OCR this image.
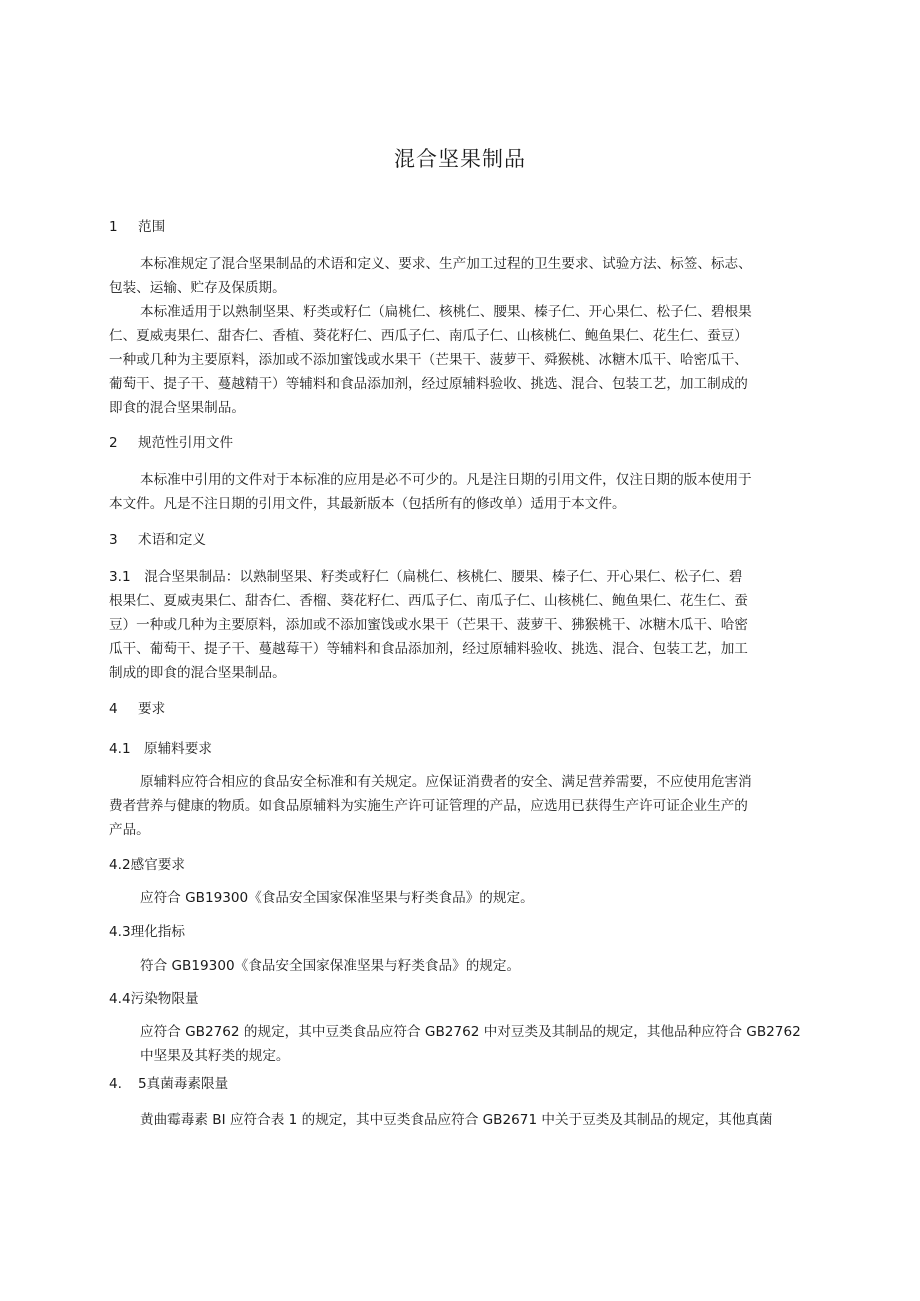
混合坚果制品
1 范围
本标准规定了混合坚果制品的术语和定义、要求、生产加工过程的卫生要求、试验方法、标签、标志、
包装、运输、贮存及保质期。
本标准适用于以熟制坚果、籽类或籽仁（扁桃仁、核桃仁、腰果、榛子仁、开心果仁、松子仁、碧根果
仁、夏威夷果仁、甜杏仁、香植、葵花籽仁、西瓜子仁、南瓜子仁、山核桃仁、鲍鱼果仁、花生仁、蚕豆）
一种或几种为主要原料，添加或不添加蜜饯或水果干（芒果干、菠萝干、舜猴桃、冰糖木瓜干、哈密瓜干、
葡萄干、提子干、蔓越精干）等辅料和食品添加剂，经过原辅料验收、挑选、混合、包装工艺，加工制成的
即食的混合坚果制品。
2 规范性引用文件
本标准中引用的文件对于本标准的应用是必不可少的。凡是注日期的引用文件，仅注日期的版本使用于
本文件。凡是不注日期的引用文件，其最新版本（包括所有的修改单）适用于本文件。
3 术语和定义
3.1　混合坚果制品：以熟制坚果、籽类或籽仁（扁桃仁、核桃仁、腰果、榛子仁、开心果仁、松子仁、碧
根果仁、夏威夷果仁、甜杏仁、香榴、葵花籽仁、西瓜子仁、南瓜子仁、山核桃仁、鲍鱼果仁、花生仁、蚕
豆）一种或几种为主要原料，添加或不添加蜜饯或水果干（芒果干、菠萝干、狒猴桃干、冰糖木瓜干、哈密
瓜干、葡萄干、提子干、蔓越莓干）等辅料和食品添加剂，经过原辅料验收、挑选、混合、包装工艺，加工
制成的即食的混合坚果制品。
4 要求
4.1 原辅料要求
原辅料应符合相应的食品安全标准和有关规定。应保证消费者的安全、满足营养需要，不应使用危害消
费者营养与健康的物质。如食品原辅料为实施生产许可证管理的产品，应选用已获得生产许可证企业生产的
产品。
4.2感官要求
应符合 GB19300《食品安全国家保准坚果与籽类食品》的规定。
4.3理化指标
符合 GB19300《食品安全国家保准坚果与籽类食品》的规定。
4.4污染物限量
应符合 GB2762 的规定，其中豆类食品应符合 GB2762 中对豆类及其制品的规定，其他品种应符合 GB2762
中坚果及其籽类的规定。
4. 5真菌毒素限量
黄曲霉毒素 BI 应符合表 1 的规定，其中豆类食品应符合 GB2671 中关于豆类及其制品的规定，其他真菌
